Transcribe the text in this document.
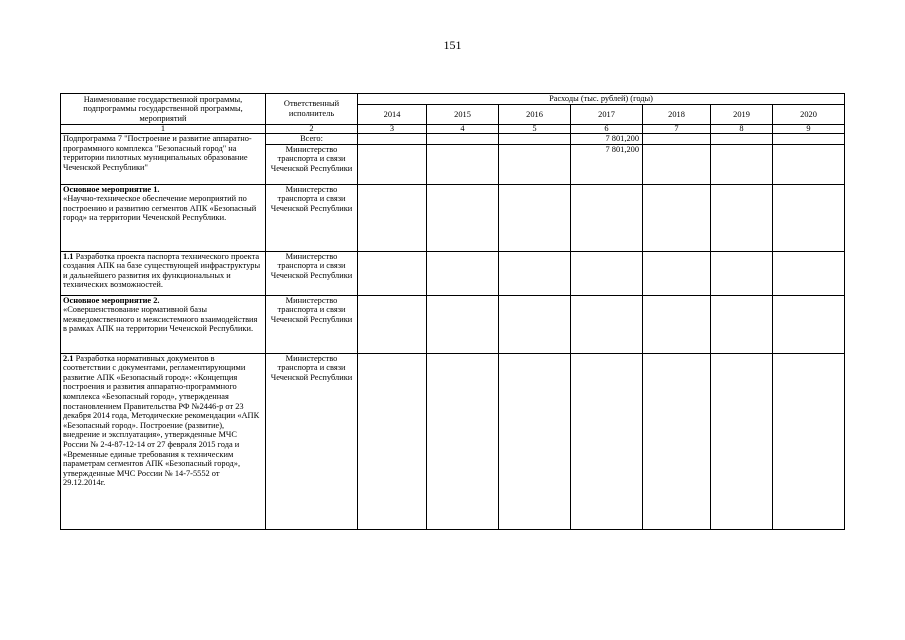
151
Наименование государственной программы, подпрограммы государственной программы, мероприятий	Ответственный исполнитель	Расходы (тыс. рублей) (годы)						
		2014	2015	2016	2017	2018	2019	2020
1	2	3	4	5	6	7	8	9
Подпрограмма 7 "Построение и развитие аппаратно-программного комплекса "Безопасный город" на территории пилотных муниципальных образование Чеченской Республики"	Всего:				7 801,200			
	Министерство транспорта и связи Чеченской Республики				7 801,200			
Основное мероприятие 1.
«Научно-техническое обеспечение мероприятий по построению и развитию сегментов АПК «Безопасный город» на территории Чеченской Республики.	Министерство транспорта и связи Чеченской Республики							
1.1 Разработка проекта паспорта технического проекта создания АПК на базе существующей инфраструктуры и дальнейшего развития их функциональных и технических возможностей.	Министерство транспорта и связи Чеченской Республики							
Основное мероприятие 2.
«Совершенствование нормативной базы межведомственного и межсистемного взаимодействия в рамках АПК на территории Чеченской Республики.	Министерство транспорта и связи Чеченской Республики							
2.1 Разработка нормативных документов в соответствии с документами, регламентирующими развитие АПК «Безопасный город»: «Концепция построения и развития аппаратно-программного комплекса «Безопасный город», утвержденная постановлением Правительства РФ №2446-р от 23 декабря 2014 года, Методические рекомендации «АПК «Безопасный город». Построение (развитие), внедрение и эксплуатация», утвержденные МЧС России № 2-4-87-12-14 от 27 февраля 2015 года и «Временные единые требования к техническим параметрам сегментов АПК «Безопасный город», утвержденные МЧС России № 14-7-5552 от 29.12.2014г.	Министерство транспорта и связи Чеченской Республики							
